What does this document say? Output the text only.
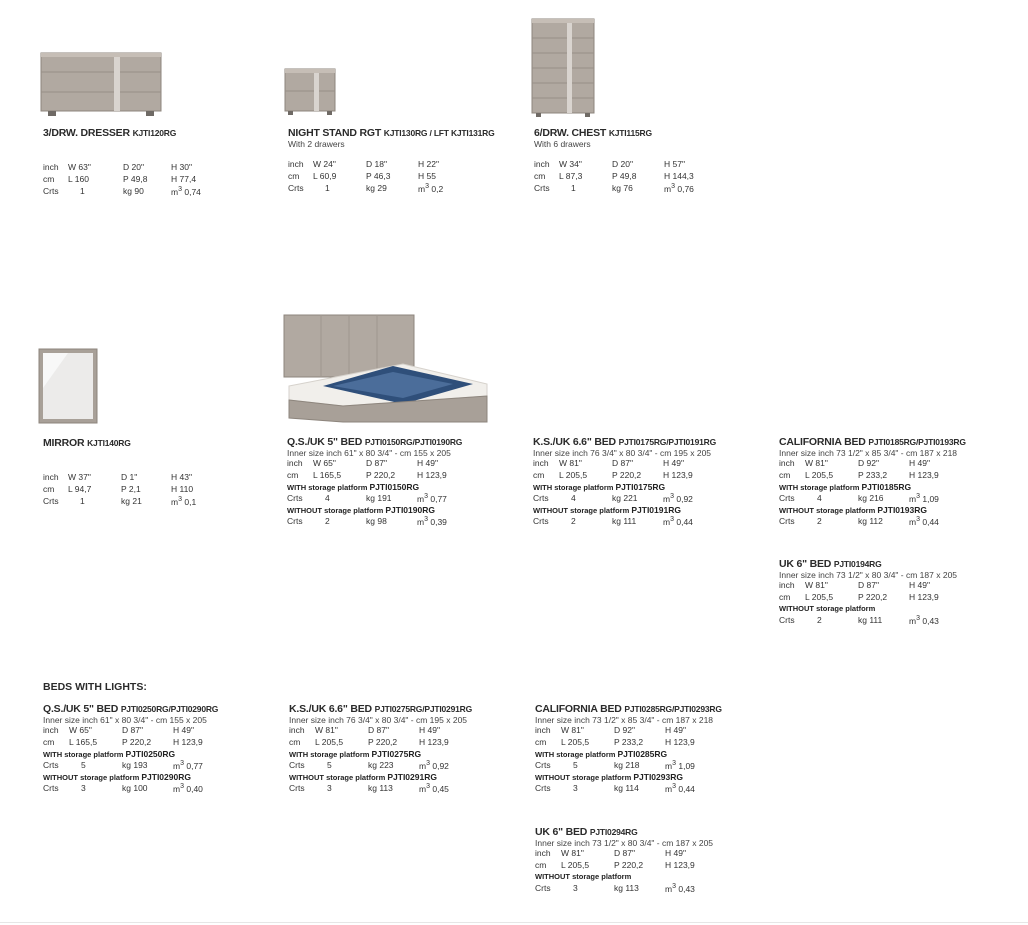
3/DRW. DRESSER KJTI120RG
inch W 63"	D 20"	H 30"
cm L 160	P 49,8	H 77,4
Crts	1	kg 90	$m^3$ 0,74
NIGHT STAND RGT KJTI130RG / LFT KJTI131RG
With 2 drawers
inch W 24"	D 18"	H 22"
cm L 60,9	P 46,3	H 55
Crts	1	kg 29	$m^3$ 0,2
6/DRW. CHEST KJTI115RG
With 6 drawers
inch W 34"	D 20"	H 57"
cm L 87,3	P 49,8	H 144,3
Crts	1	kg 76	$m^3$ 0,76
MIRROR KJTI140RG
inch W 37"	D 1"	H 43"
cm L 94,7	P 2,1	H 110
Crts	1	kg 21	$m^3$ 0,1
Q.S./UK 5" BED PJTI0150RG/PJTI0190RG
Inner size inch 61" x 80 3/4" - cm 155 x 205
inch W 65"	D 87"	H 49"
cm L 165,5	P 220,2	H 123,9
WITH storage platform PJTI0150RG
Crts	4	kg 191	$m^3$ 0,77
WITHOUT storage platform PJTI0190RG
Crts	2	kg 98	$m^3$ 0,39
K.S./UK 6.6" BED PJTI0175RG/PJTI0191RG
Inner size inch 76 3/4" x 80 3/4" - cm 195 x 205
inch W 81"	D 87"	H 49"
cm L 205,5	P 220,2	H 123,9
WITH storage platform PJTI0175RG
Crts	4	kg 221	$m^3$ 0,92
WITHOUT storage platform PJTI0191RG
Crts	2	kg 111	$m^3$ 0,44
CALIFORNIA BED PJTI0185RG/PJTI0193RG
Inner size inch 73 1/2" x 85 3/4" - cm 187 x 218
inch W 81"	D 92"	H 49"
cm L 205,5	P 233,2	H 123,9
WITH storage platform PJTI0185RG
Crts	4	kg 216	$m^3$ 1,09
WITHOUT storage platform PJTI0193RG
Crts	2	kg 112	$m^3$ 0,44
UK 6" BED PJTI0194RG
Inner size inch 73 1/2" x 80 3/4" - cm 187 x 205
inch W 81"	D 87"	H 49"
cm L 205,5	P 220,2	H 123,9
WITHOUT storage platform
Crts	2	kg 111	$m^3$ 0,43
BEDS WITH LIGHTS:
Q.S./UK 5" BED PJTI0250RG/PJTI0290RG
Inner size inch 61" x 80 3/4" - cm 155 x 205
inch W 65"	D 87"	H 49"
cm L 165,5	P 220,2	H 123,9
WITH storage platform PJTI0250RG
Crts	5	kg 193	$m^3$ 0,77
WITHOUT storage platform PJTI0290RG
Crts	3	kg 100	$m^3$ 0,40
K.S./UK 6.6" BED PJTI0275RG/PJTI0291RG
Inner size inch 76 3/4" x 80 3/4" - cm 195 x 205
inch W 81"	D 87"	H 49"
cm L 205,5	P 220,2	H 123,9
WITH storage platform PJTI0275RG
Crts	5	kg 223	$m^3$ 0,92
WITHOUT storage platform PJTI0291RG
Crts	3	kg 113	$m^3$ 0,45
CALIFORNIA BED PJTI0285RG/PJTI0293RG
Inner size inch 73 1/2" x 85 3/4" - cm 187 x 218
inch W 81"	D 92"	H 49"
cm L 205,5	P 233,2	H 123,9
WITH storage platform PJTI0285RG
Crts	5	kg 218	$m^3$ 1,09
WITHOUT storage platform PJTI0293RG
Crts	3	kg 114	$m^3$ 0,44
UK 6" BED PJTI0294RG
Inner size inch 73 1/2" x 80 3/4" - cm 187 x 205
inch W 81"	D 87"	H 49"
cm L 205,5	P 220,2	H 123,9
WITHOUT storage platform
Crts	3	kg 113	$m^3$ 0,43
